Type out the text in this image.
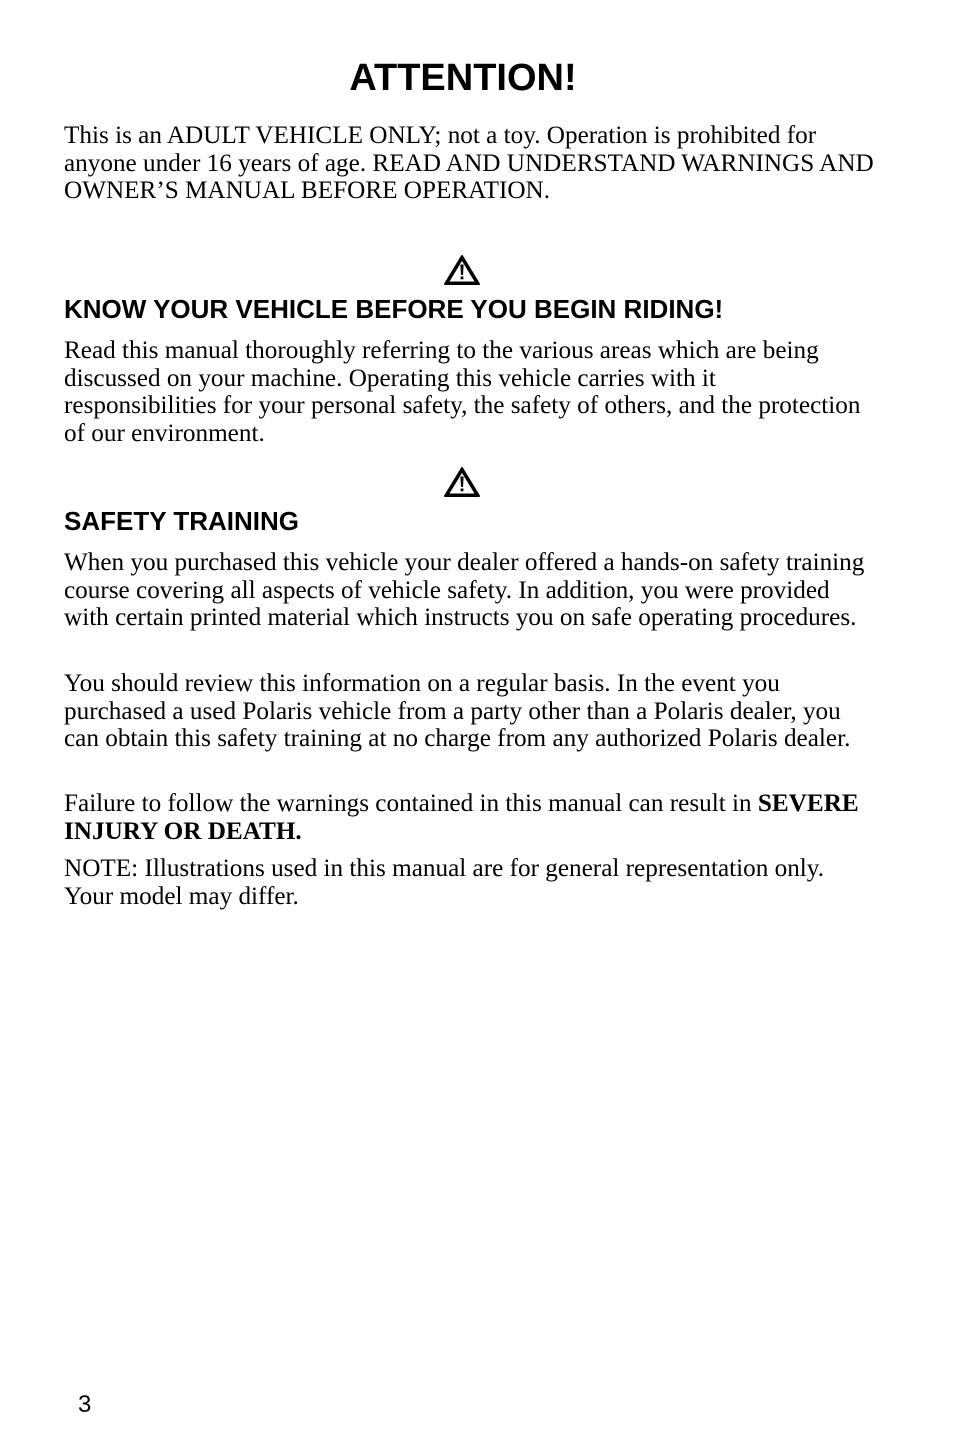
ATTENTION!

This is an ADULT VEHICLE ONLY; not a toy. Operation is prohibited for anyone under 16 years of age. READ AND UNDERSTAND WARNINGS AND OWNER’S MANUAL BEFORE OPERATION.

KNOW YOUR VEHICLE BEFORE YOU BEGIN RIDING!

Read this manual thoroughly referring to the various areas which are being discussed on your machine. Operating this vehicle carries with it responsibilities for your personal safety, the safety of others, and the protection of our environment.

SAFETY TRAINING

When you purchased this vehicle your dealer offered a hands-on safety training course covering all aspects of vehicle safety. In addition, you were provided with certain printed material which instructs you on safe operating procedures.

You should review this information on a regular basis. In the event you purchased a used Polaris vehicle from a party other than a Polaris dealer, you can obtain this safety training at no charge from any authorized Polaris dealer.

Failure to follow the warnings contained in this manual can result in SEVERE INJURY OR DEATH.

NOTE: Illustrations used in this manual are for general representation only. Your model may differ.

3
